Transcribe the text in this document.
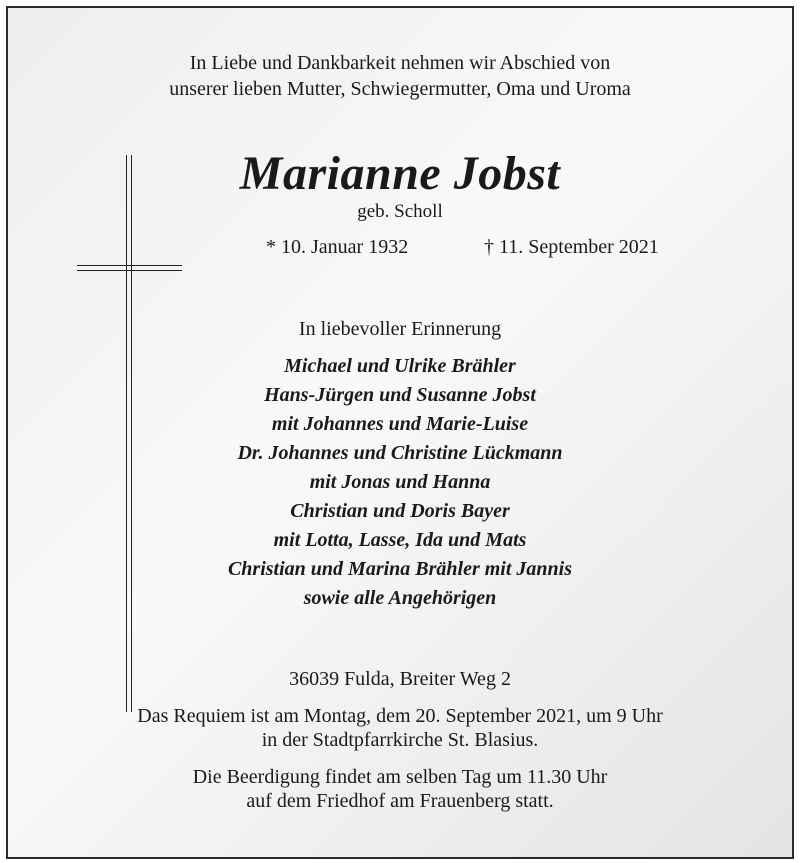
In Liebe und Dankbarkeit nehmen wir Abschied von
unserer lieben Mutter, Schwiegermutter, Oma und Uroma
Marianne Jobst
geb. Scholl
* 10. Januar 1932	† 11. September 2021
In liebevoller Erinnerung
Michael und Ulrike Brähler
Hans-Jürgen und Susanne Jobst
mit Johannes und Marie-Luise
Dr. Johannes und Christine Lückmann
mit Jonas und Hanna
Christian und Doris Bayer
mit Lotta, Lasse, Ida und Mats
Christian und Marina Brähler mit Jannis
sowie alle Angehörigen
36039 Fulda, Breiter Weg 2
Das Requiem ist am Montag, dem 20. September 2021, um 9 Uhr
in der Stadtpfarrkirche St. Blasius.
Die Beerdigung findet am selben Tag um 11.30 Uhr
auf dem Friedhof am Frauenberg statt.
